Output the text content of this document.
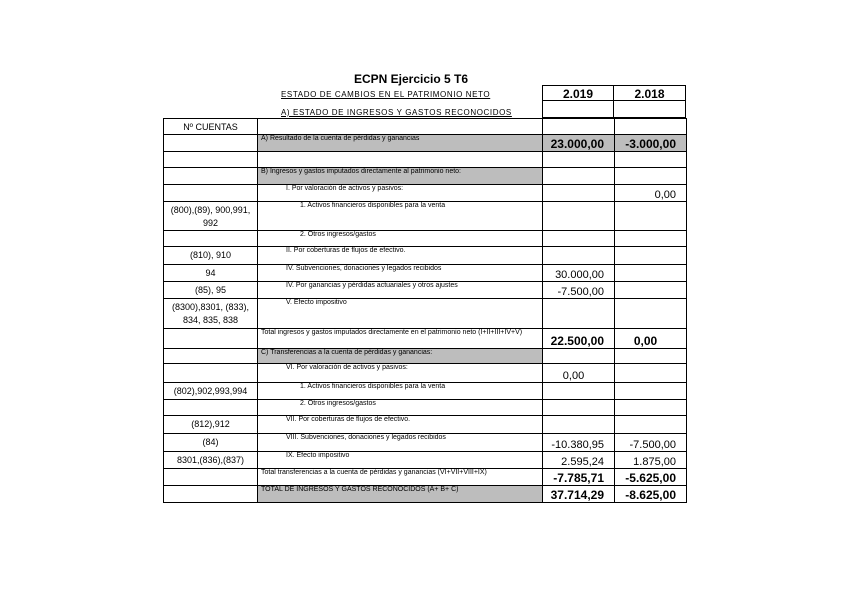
ECPN Ejercicio 5 T6
ESTADO DE CAMBIOS EN EL PATRIMONIO NETO
A) ESTADO DE INGRESOS Y GASTOS RECONOCIDOS
2.019	2.018
Nº CUENTAS			
	A) Resultado de la cuenta de pérdidas y ganancias	23.000,00	-3.000,00

	B) Ingresos y gastos imputados directamente al patrimonio neto:		
	I. Por valoración de activos y pasivos:		0,00
(800),(89), 900,991, 992	1. Activos financieros disponibles para la venta		
	2. Otros ingresos/gastos		
(810), 910	II. Por coberturas de flujos de efectivo.		
94	IV. Subvenciones, donaciones y legados recibidos	30.000,00	
(85), 95	IV. Por ganancias y pérdidas actuariales y otros ajustes	-7.500,00	
(8300),8301, (833), 834, 835, 838	V. Efecto impositivo		
	Total ingresos y gastos imputados directamente en el patrimonio neto (I+II+III+IV+V)	22.500,00	0,00
	C) Transferencias a la cuenta de pérdidas y ganancias:		
	VI. Por valoración de activos y pasivos:	0,00	
(802),902,993,994	1. Activos financieros disponibles para la venta		
	2. Otros ingresos/gastos		
(812),912	VII. Por coberturas de flujos de efectivo.		
(84)	VIII. Subvenciones, donaciones y legados recibidos	-10.380,95	-7.500,00
8301,(836),(837)	IX. Efecto impositivo	2.595,24	1.875,00
	Total transferencias a la cuenta de pérdidas y ganancias (VI+VII+VIII+IX)	-7.785,71	-5.625,00
	TOTAL DE INGRESOS Y GASTOS RECONOCIDOS (A+ B+ C)	37.714,29	-8.625,00
